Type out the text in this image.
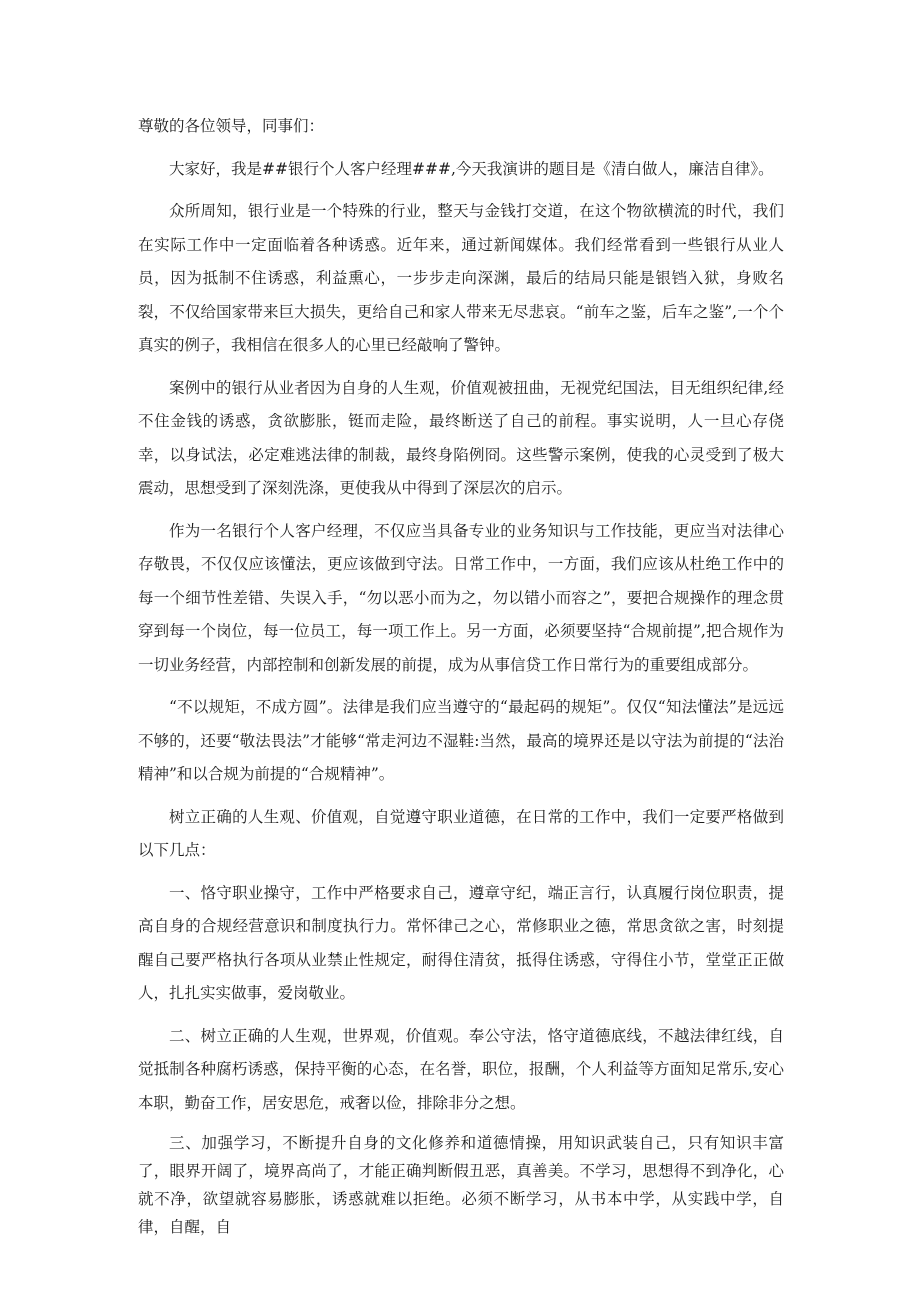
尊敬的各位领导，同事们：

大家好，我是##银行个人客户经理###,今天我演讲的题目是《清白做人，廉洁自律》。

众所周知，银行业是一个特殊的行业，整天与金钱打交道，在这个物欲横流的时代，我们在实际工作中一定面临着各种诱惑。近年来，通过新闻媒体。我们经常看到一些银行从业人员，因为抵制不住诱惑，利益熏心，一步步走向深渊，最后的结局只能是银铛入狱，身败名裂，不仅给国家带来巨大损失，更给自己和家人带来无尽悲哀。“前车之鉴，后车之鉴”,一个个真实的例子，我相信在很多人的心里已经敲响了警钟。

案例中的银行从业者因为自身的人生观，价值观被扭曲，无视党纪国法，目无组织纪律,经不住金钱的诱惑，贪欲膨胀，铤而走险，最终断送了自己的前程。事实说明，人一旦心存侥幸，以身试法，必定难逃法律的制裁，最终身陷例冏。这些警示案例，使我的心灵受到了极大震动，思想受到了深刻洗涤，更使我从中得到了深层次的启示。

作为一名银行个人客户经理，不仅应当具备专业的业务知识与工作技能，更应当对法律心存敬畏，不仅仅应该懂法，更应该做到守法。日常工作中，一方面，我们应该从杜绝工作中的每一个细节性差错、失误入手，“勿以恶小而为之，勿以错小而容之”，要把合规操作的理念贯穿到每一个岗位，每一位员工，每一项工作上。另一方面，必须要坚持“合规前提”,把合规作为一切业务经营，内部控制和创新发展的前提，成为从事信贷工作日常行为的重要组成部分。

“不以规矩，不成方圆”。法律是我们应当遵守的“最起码的规矩”。仅仅“知法懂法”是远远不够的，还要“敬法畏法”才能够“常走河边不湿鞋:当然，最高的境界还是以守法为前提的“法治精神”和以合规为前提的“合规精神”。

树立正确的人生观、价值观，自觉遵守职业道德，在日常的工作中，我们一定要严格做到以下几点：

一、恪守职业操守，工作中严格要求自己，遵章守纪，端正言行，认真履行岗位职责，提高自身的合规经营意识和制度执行力。常怀律己之心，常修职业之德，常思贪欲之害，时刻提醒自己要严格执行各项从业禁止性规定，耐得住清贫，抵得住诱惑，守得住小节，堂堂正正做人，扎扎实实做事，爱岗敬业。

二、树立正确的人生观，世界观，价值观。奉公守法，恪守道德底线，不越法律红线，自觉抵制各种腐朽诱惑，保持平衡的心态，在名誉，职位，报酬，个人利益等方面知足常乐,安心本职，勤奋工作，居安思危，戒奢以俭，排除非分之想。

三、加强学习，不断提升自身的文化修养和道德情操，用知识武装自己，只有知识丰富了，眼界开阔了，境界高尚了，才能正确判断假丑恶，真善美。不学习，思想得不到净化，心就不净，欲望就容易膨胀，诱惑就难以拒绝。必须不断学习，从书本中学，从实践中学，自律，自醒，自
